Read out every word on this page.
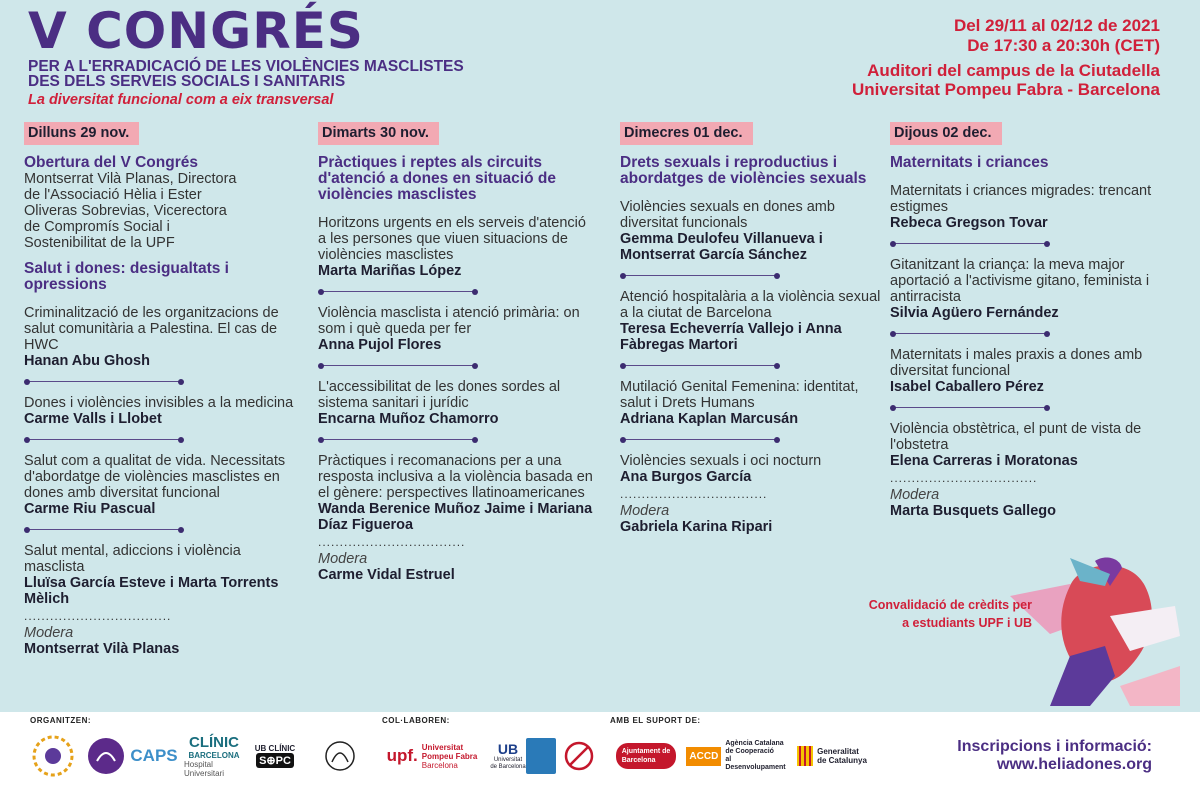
V CONGRÉS
PER A L'ERRADICACIÓ DE LES VIOLÈNCIES MASCLISTES
DES DELS SERVEIS SOCIALS I SANITARIS
La diversitat funcional com a eix transversal
Del 29/11 al 02/12 de 2021
De 17:30 a 20:30h (CET)
Auditori del campus de la Ciutadella
Universitat Pompeu Fabra - Barcelona
Dilluns 29 nov.
Obertura del V Congrés
Montserrat Vilà Planas, Directora
de l'Associació Hèlia i Ester
Oliveras Sobrevias, Vicerectora
de Compromís Social i
Sostenibilitat de la UPF
Salut i dones: desigualtats i opressions
Criminalització de les organitzacions de salut comunitària a Palestina. El cas de HWC
Hanan Abu Ghosh
Dones i violències invisibles a la medicina
Carme Valls i Llobet
Salut com a qualitat de vida. Necessitats d'abordatge de violències masclistes en dones amb diversitat funcional
Carme Riu Pascual
Salut mental, adiccions i violència masclista
Lluïsa García Esteve i Marta Torrents Mèlich
..................................
Modera
Montserrat Vilà Planas
Dimarts 30 nov.
Pràctiques i reptes als circuits d'atenció a dones en situació de violències masclistes
Horitzons urgents en els serveis d'atenció a les persones que viuen situacions de violències masclistes
Marta Mariñas López
Violència masclista i atenció primària: on som i què queda per fer
Anna Pujol Flores
L'accessibilitat de les dones sordes al sistema sanitari i jurídic
Encarna Muñoz Chamorro
Pràctiques i recomanacions per a una resposta inclusiva a la violència basada en el gènere: perspectives llatinoamericanes
Wanda Berenice Muñoz Jaime i Mariana Díaz Figueroa
..................................
Modera
Carme Vidal Estruel
Dimecres 01 dec.
Drets sexuals i reproductius i abordatges de violències sexuals
Violències sexuals en dones amb diversitat funcionals
Gemma Deulofeu Villanueva i Montserrat García Sánchez
Atenció hospitalària a la violència sexual a la ciutat de Barcelona
Teresa Echeverría Vallejo i Anna Fàbregas Martori
Mutilació Genital Femenina: identitat, salut i Drets Humans
Adriana Kaplan Marcusán
Violències sexuals i oci nocturn
Ana Burgos García
..................................
Modera
Gabriela Karina Ripari
Dijous 02 dec.
Maternitats i criances
Maternitats i criances migrades: trencant estigmes
Rebeca Gregson Tovar
Gitanitzant la criança: la meva major aportació a l'activisme gitano, feminista i antirracista
Silvia Agüero Fernández
Maternitats i males praxis a dones amb diversitat funcional
Isabel Caballero Pérez
Violència obstètrica, el punt de vista de l'obstetra
Elena Carreras i Moratonas
..................................
Modera
Marta Busquets Gallego
Convalidació de crèdits per
a estudiants UPF i UB
ORGANITZEN:	COL·LABOREN:	AMB EL SUPORT DE:
CAPS
CLÍNIC
BARCELONA
Hospital Universitari
UB CLÍNIC
S⊕PC	upf. Universitat
Pompeu Fabra
Barcelona
UB
Universitat
de Barcelona
Ajuntament de
Barcelona	ACCD
Agència Catalana
de Cooperació
al Desenvolupament
Generalitat
de Catalunya
Inscripcions i informació:
www.heliadones.org
